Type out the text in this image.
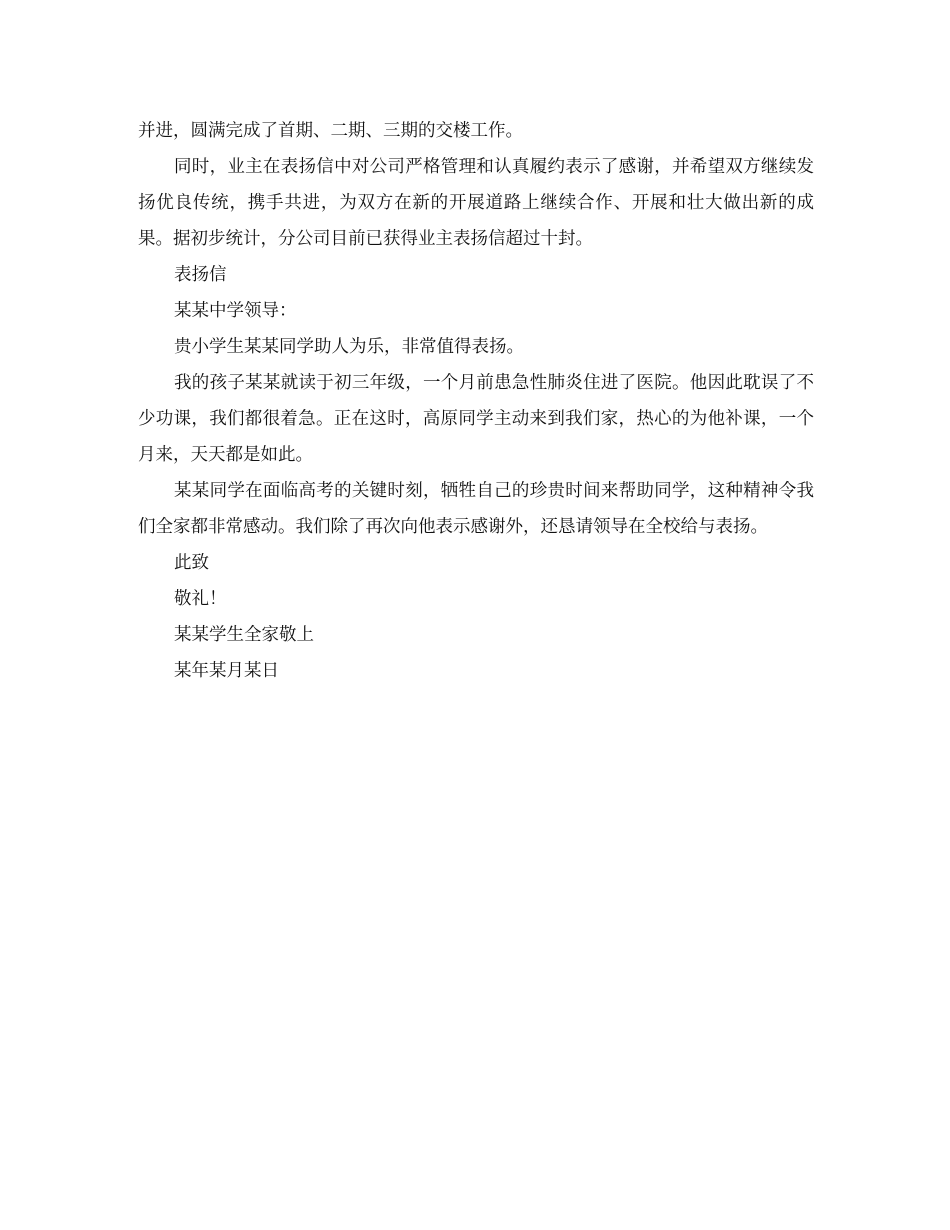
并进，圆满完成了首期、二期、三期的交楼工作。

同时，业主在表扬信中对公司严格管理和认真履约表示了感谢，并希望双方继续发扬优良传统，携手共进，为双方在新的开展道路上继续合作、开展和壮大做出新的成果。据初步统计，分公司目前已获得业主表扬信超过十封。

表扬信

某某中学领导：

贵小学生某某同学助人为乐，非常值得表扬。

我的孩子某某就读于初三年级，一个月前患急性肺炎住进了医院。他因此耽误了不少功课，我们都很着急。正在这时，高原同学主动来到我们家，热心的为他补课，一个月来，天天都是如此。

某某同学在面临高考的关键时刻，牺牲自己的珍贵时间来帮助同学，这种精神令我们全家都非常感动。我们除了再次向他表示感谢外，还恳请领导在全校给与表扬。

此致

敬礼！

某某学生全家敬上

某年某月某日
